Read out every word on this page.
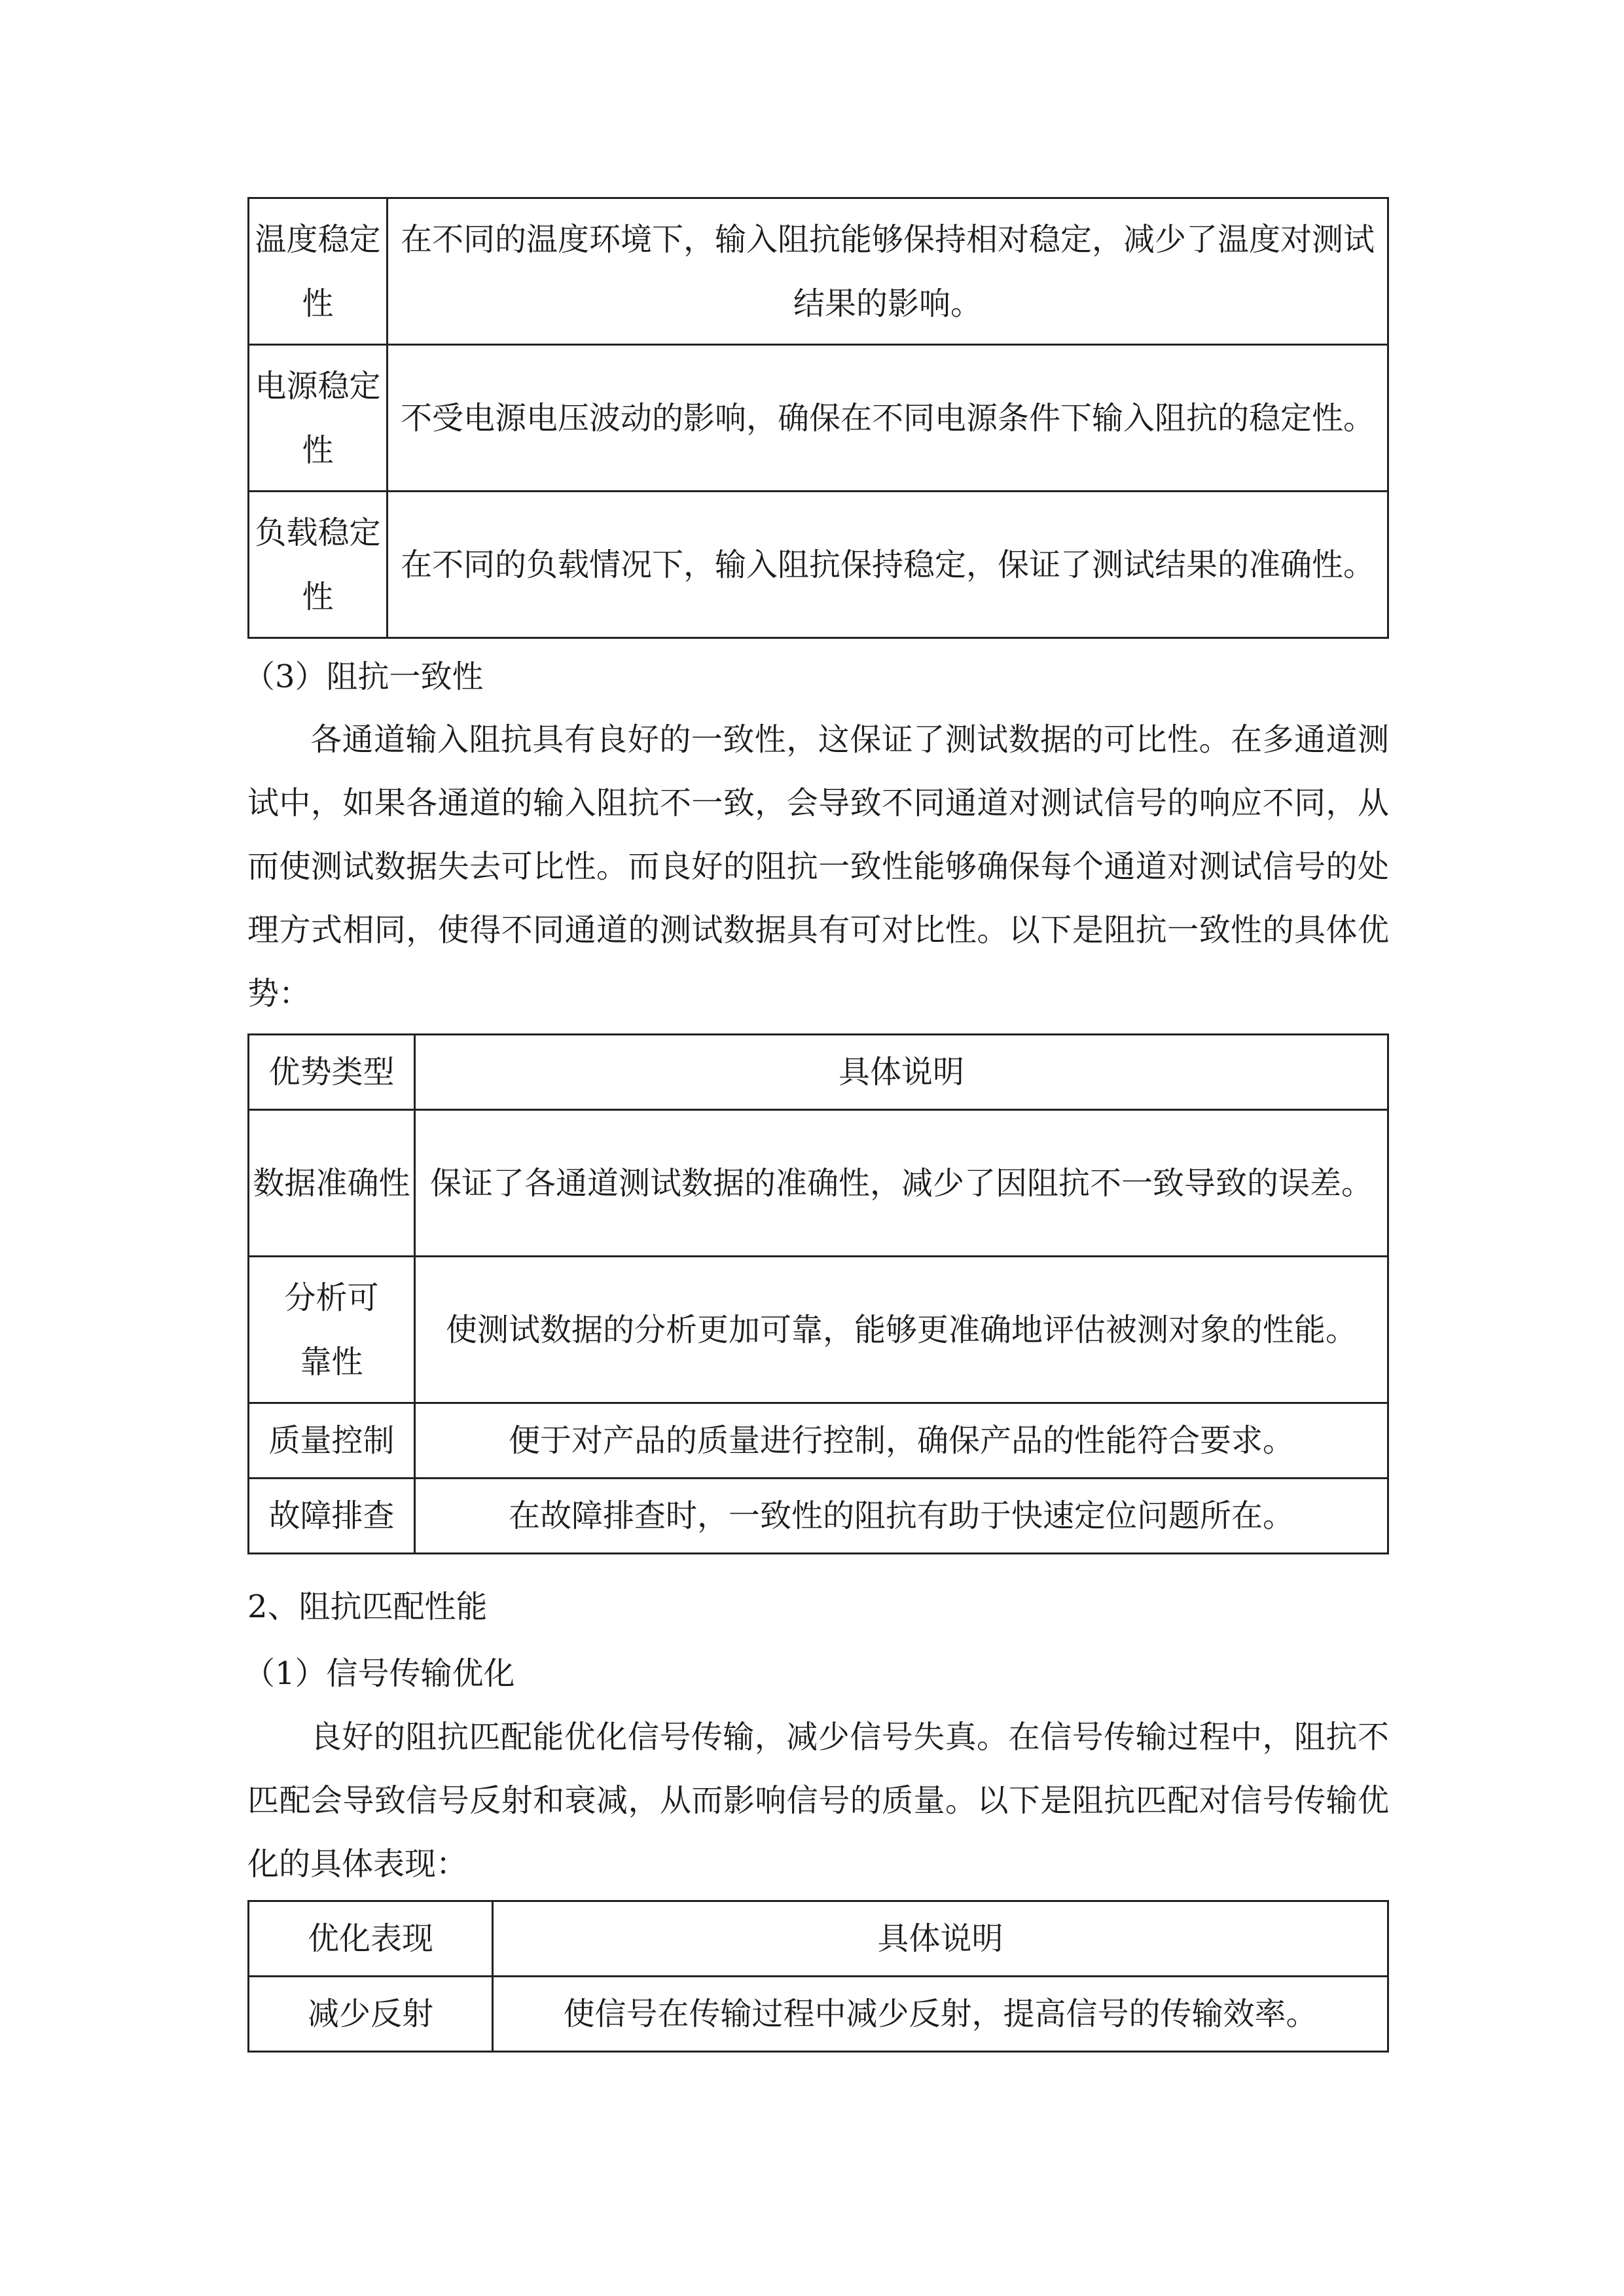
温度稳定性	在不同的温度环境下，输入阻抗能够保持相对稳定，减少了温度对测试结果的影响。
电源稳定性	不受电源电压波动的影响，确保在不同电源条件下输入阻抗的稳定性。
负载稳定性	在不同的负载情况下，输入阻抗保持稳定，保证了测试结果的准确性。
（3）阻抗一致性
各通道输入阻抗具有良好的一致性，这保证了测试数据的可比性。在多通道测试中，如果各通道的输入阻抗不一致，会导致不同通道对测试信号的响应不同，从而使测试数据失去可比性。而良好的阻抗一致性能够确保每个通道对测试信号的处理方式相同，使得不同通道的测试数据具有可对比性。以下是阻抗一致性的具体优势：
优势类型	具体说明
数据准确性	保证了各通道测试数据的准确性，减少了因阻抗不一致导致的误差。
分析可靠性	使测试数据的分析更加可靠，能够更准确地评估被测对象的性能。
质量控制	便于对产品的质量进行控制，确保产品的性能符合要求。
故障排查	在故障排查时，一致性的阻抗有助于快速定位问题所在。
2、阻抗匹配性能
（1）信号传输优化
良好的阻抗匹配能优化信号传输，减少信号失真。在信号传输过程中，阻抗不匹配会导致信号反射和衰减，从而影响信号的质量。以下是阻抗匹配对信号传输优化的具体表现：
优化表现	具体说明
减少反射	使信号在传输过程中减少反射，提高信号的传输效率。
